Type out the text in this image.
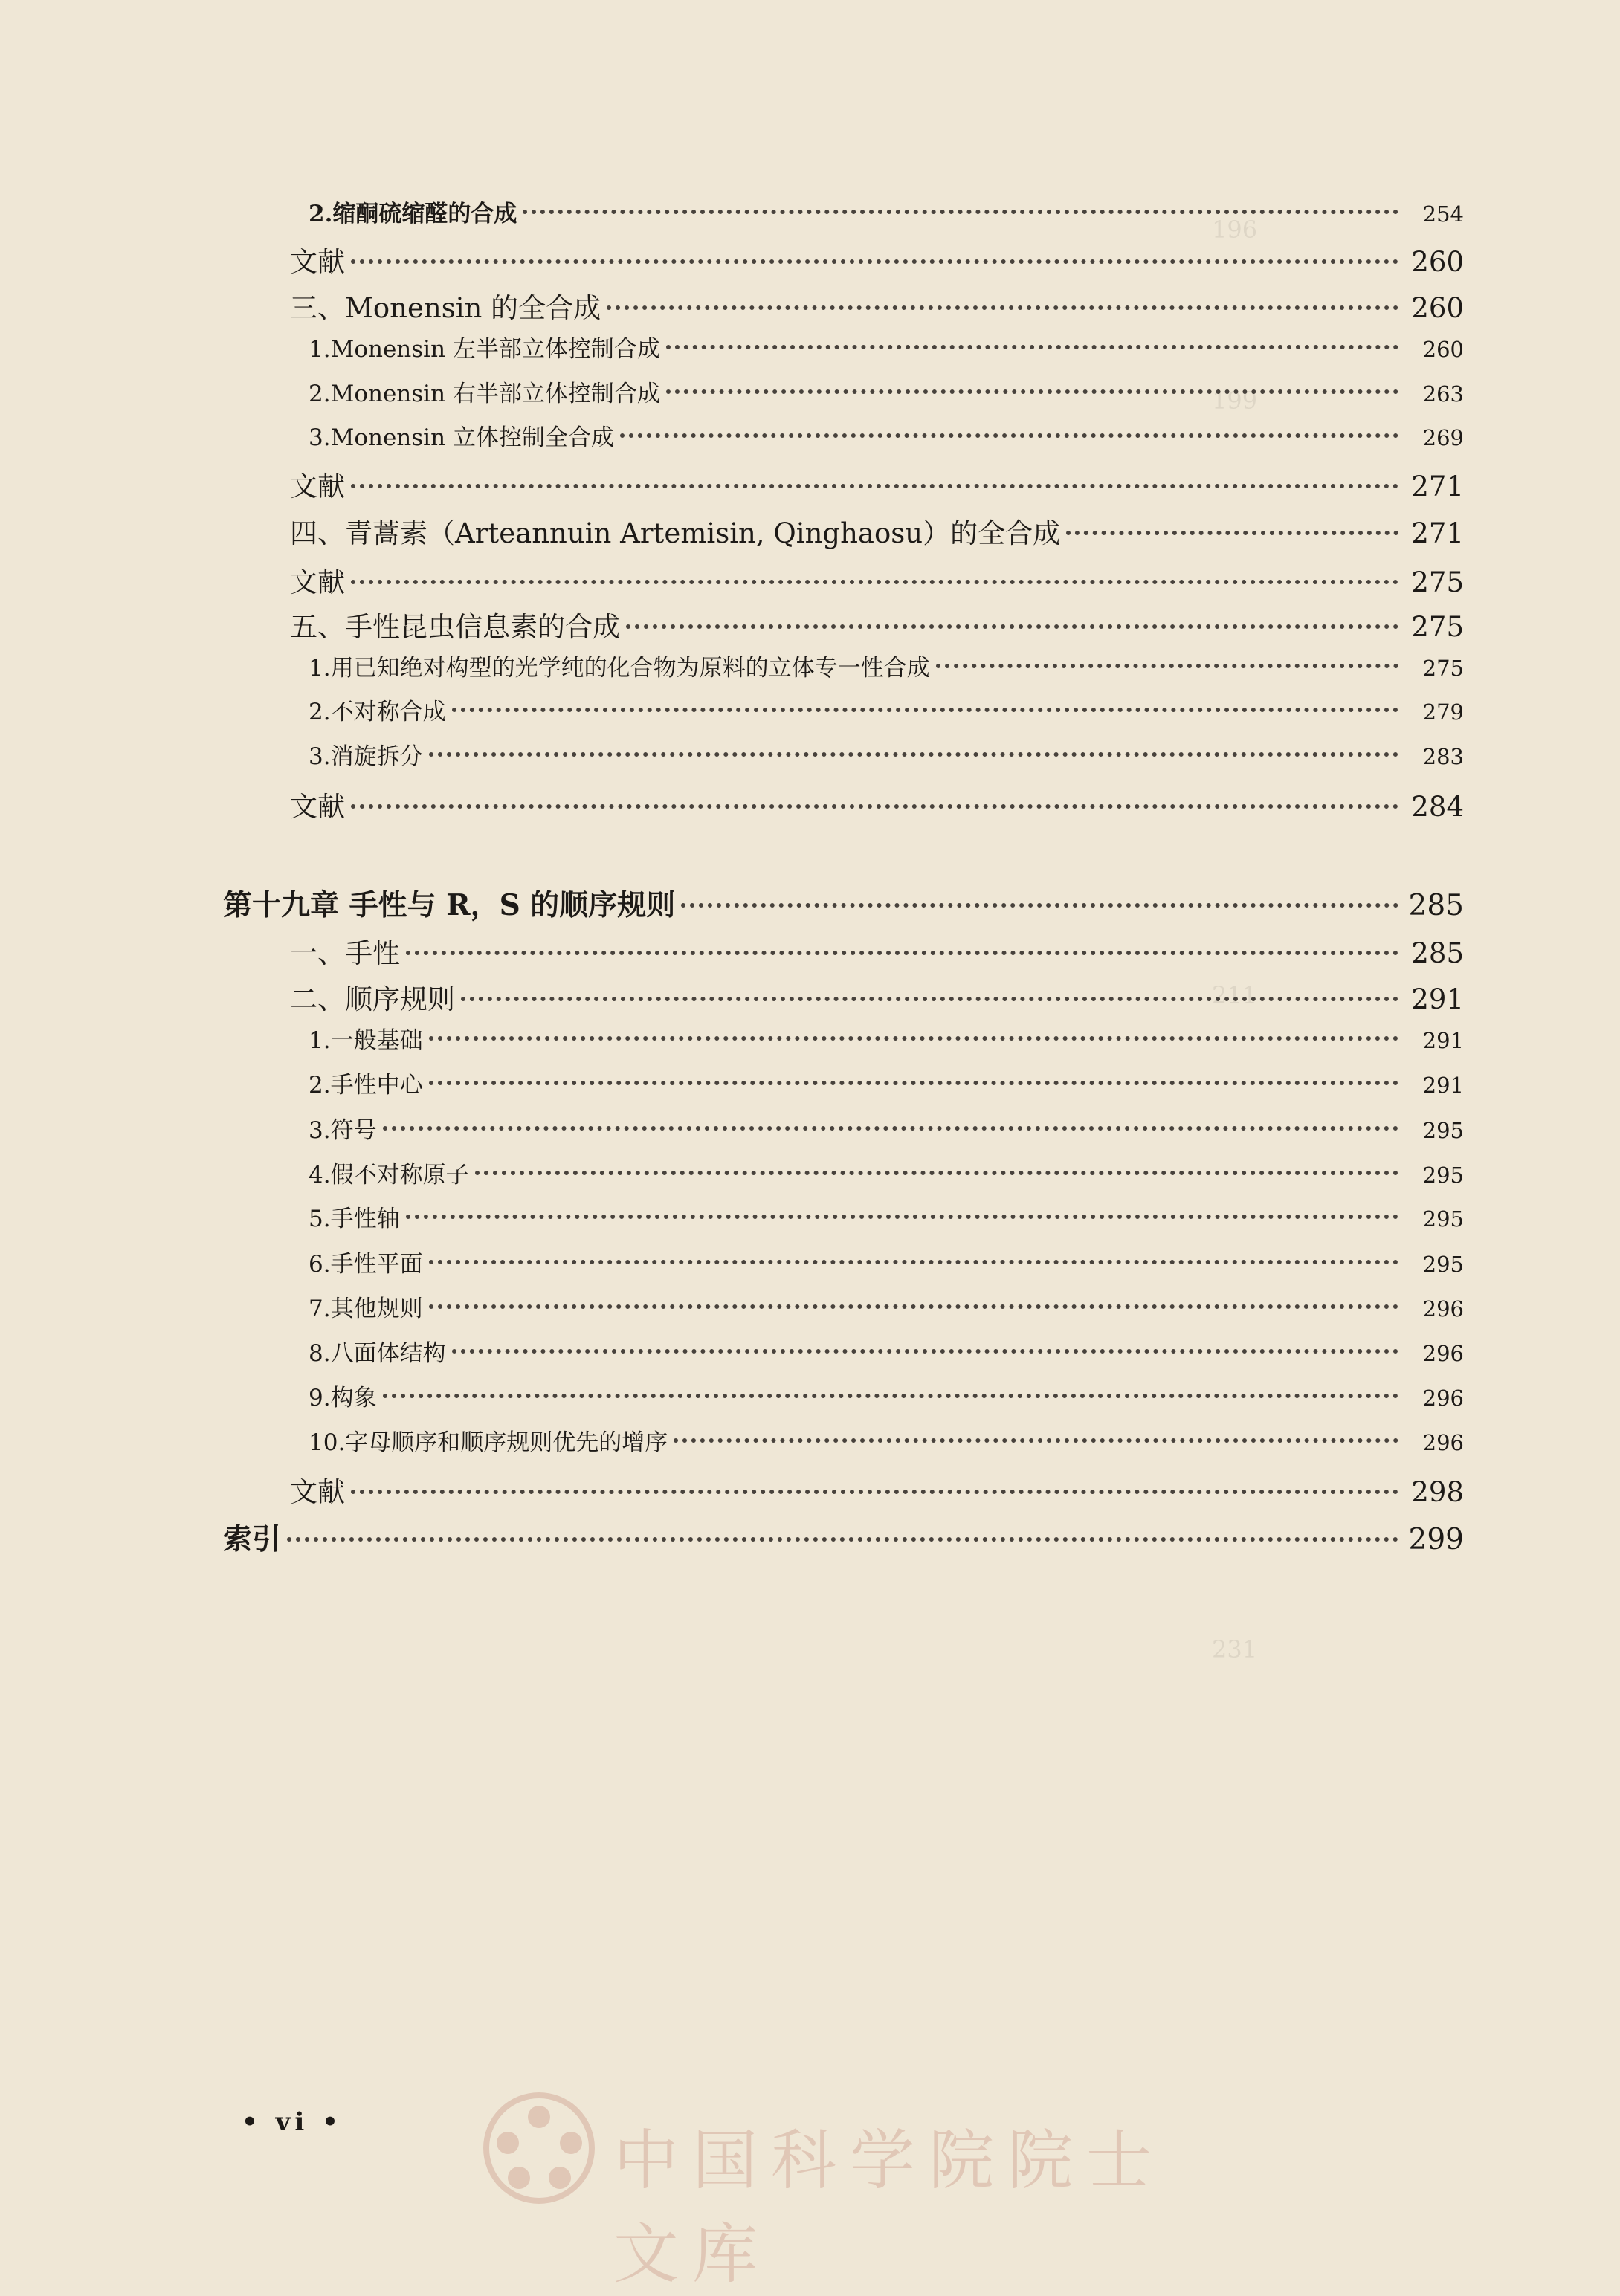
196
199
211
231
2.缩酮硫缩醛的合成	254
文献	260
三、Monensin 的全合成	260
1.Monensin 左半部立体控制合成	260
2.Monensin 右半部立体控制合成	263
3.Monensin 立体控制全合成	269
文献	271
四、青蒿素（Arteannuin Artemisin, Qinghaosu）的全合成	271
文献	275
五、手性昆虫信息素的合成	275
1.用已知绝对构型的光学纯的化合物为原料的立体专一性合成	275
2.不对称合成	279
3.消旋拆分	283
文献	284
第十九章 手性与 R，S 的顺序规则	285
一、手性	285
二、顺序规则	291
1.一般基础	291
2.手性中心	291
3.符号	295
4.假不对称原子	295
5.手性轴	295
6.手性平面	295
7.其他规则	296
8.八面体结构	296
9.构象	296
10.字母顺序和顺序规则优先的增序	296
文献	298
索引	299
• vi •	中国科学院院士文库
